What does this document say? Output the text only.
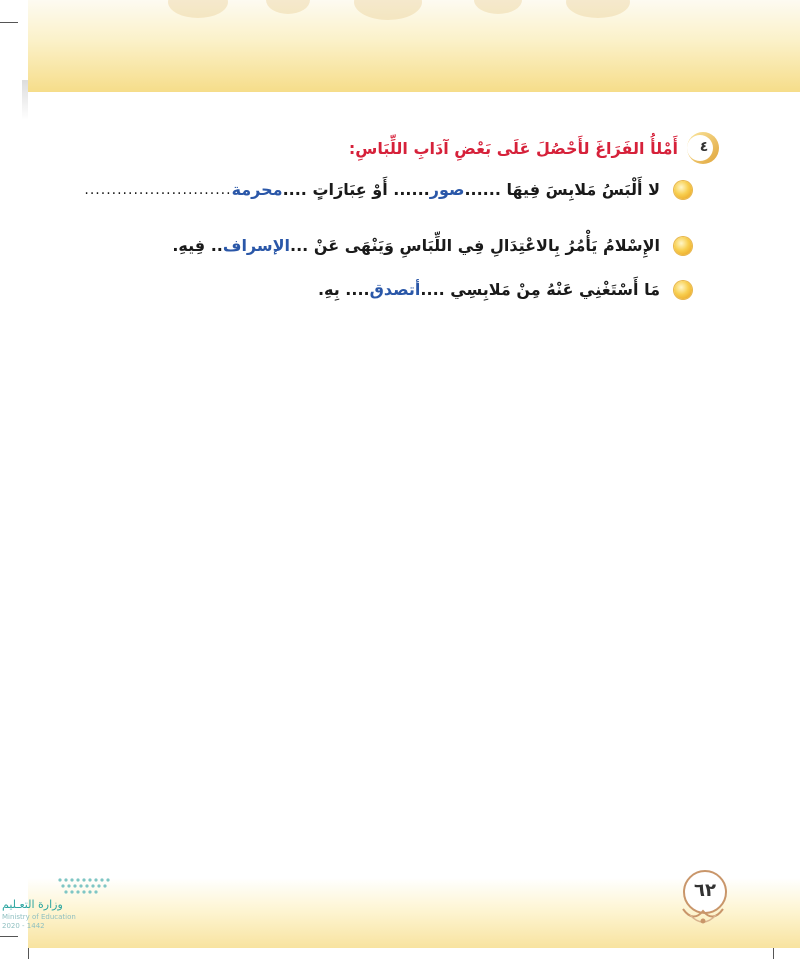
٤
أَمْلأُ الفَرَاغَ لأَحْصُلَ عَلَى بَعْضِ آدَابِ اللِّبَاسِ:
لا أَلْبَسُ مَلابِسَ فِيهَا ......
صور
...... أَوْ عِبَارَاتٍ ....
محرمة
...........................
الإِسْلامُ يَأْمُرُ بِالاعْتِدَالِ فِي اللِّبَاسِ وَيَنْهَى عَنْ ...
الإسراف
.. فِيهِ.
مَا أَسْتَغْنِي عَنْهُ مِنْ مَلابِسِي ....
أتصدق
.... بِهِ.
وزارة التعـليم
Ministry of Education
2020 - 1442
٦٢
